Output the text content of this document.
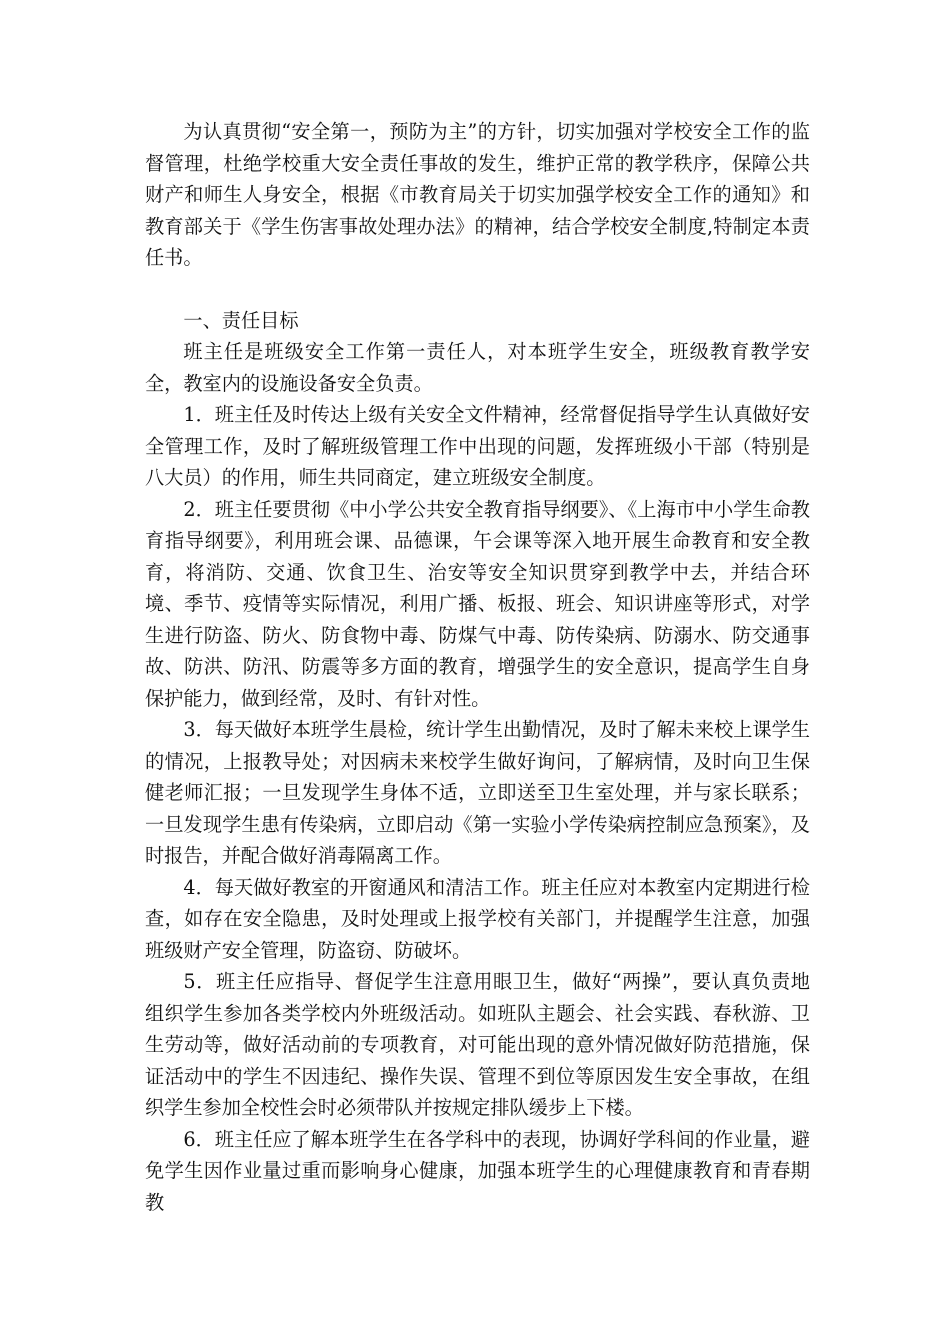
为认真贯彻“安全第一，预防为主”的方针，切实加强对学校安全工作的监督管理，杜绝学校重大安全责任事故的发生，维护正常的教学秩序，保障公共财产和师生人身安全，根据《市教育局关于切实加强学校安全工作的通知》和教育部关于《学生伤害事故处理办法》的精神，结合学校安全制度,特制定本责任书。

一、责任目标

班主任是班级安全工作第一责任人，对本班学生安全，班级教育教学安全，教室内的设施设备安全负责。

1．班主任及时传达上级有关安全文件精神，经常督促指导学生认真做好安全管理工作，及时了解班级管理工作中出现的问题，发挥班级小干部（特别是八大员）的作用，师生共同商定，建立班级安全制度。

2．班主任要贯彻《中小学公共安全教育指导纲要》、《上海市中小学生命教育指导纲要》，利用班会课、品德课，午会课等深入地开展生命教育和安全教育，将消防、交通、饮食卫生、治安等安全知识贯穿到教学中去，并结合环境、季节、疫情等实际情况，利用广播、板报、班会、知识讲座等形式，对学生进行防盗、防火、防食物中毒、防煤气中毒、防传染病、防溺水、防交通事故、防洪、防汛、防震等多方面的教育，增强学生的安全意识，提高学生自身保护能力，做到经常，及时、有针对性。

3．每天做好本班学生晨检，统计学生出勤情况，及时了解未来校上课学生的情况，上报教导处；对因病未来校学生做好询问，了解病情，及时向卫生保健老师汇报；一旦发现学生身体不适，立即送至卫生室处理，并与家长联系；一旦发现学生患有传染病，立即启动《第一实验小学传染病控制应急预案》，及时报告，并配合做好消毒隔离工作。

4．每天做好教室的开窗通风和清洁工作。班主任应对本教室内定期进行检查，如存在安全隐患，及时处理或上报学校有关部门，并提醒学生注意，加强班级财产安全管理，防盗窃、防破坏。

5．班主任应指导、督促学生注意用眼卫生，做好“两操”，要认真负责地组织学生参加各类学校内外班级活动。如班队主题会、社会实践、春秋游、卫生劳动等，做好活动前的专项教育，对可能出现的意外情况做好防范措施，保证活动中的学生不因违纪、操作失误、管理不到位等原因发生安全事故，在组织学生参加全校性会时必须带队并按规定排队缓步上下楼。

6．班主任应了解本班学生在各学科中的表现，协调好学科间的作业量，避免学生因作业量过重而影响身心健康，加强本班学生的心理健康教育和青春期教
